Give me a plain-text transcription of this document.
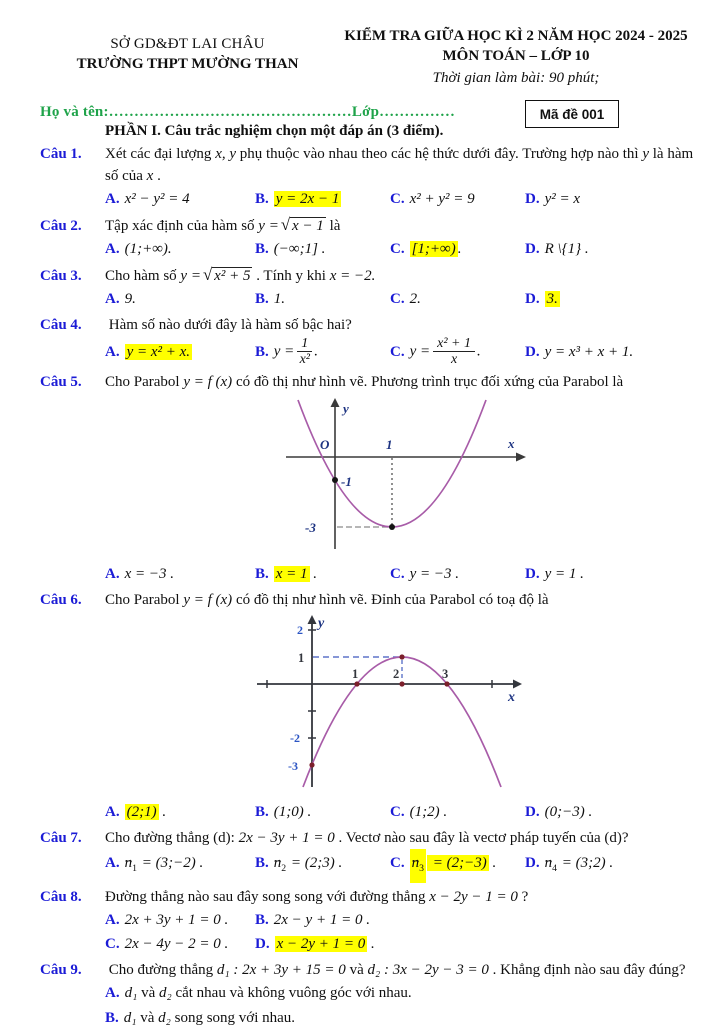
SỞ GD&ĐT LAI CHÂU
TRƯỜNG THPT MƯỜNG THAN
KIỂM TRA GIỮA HỌC KÌ 2 NĂM HỌC 2024 - 2025
MÔN TOÁN – LỚP 10
Thời gian làm bài: 90 phút;
Mã đề 001
Họ và tên:…………………………………………Lớp……………
PHẦN I. Câu trắc nghiệm chọn một đáp án (3 điểm).
Câu 1. Xét các đại lượng x, y phụ thuộc vào nhau theo các hệ thức dưới đây. Trường hợp nào thì y là hàm số của x .
A. x² − y² = 4	B. y = 2x − 1	C. x² + y² = 9	D. y² = x
Câu 2. Tập xác định của hàm số y = √ x − 1 là
A. (1;+∞).	B. (−∞;1] .	C. [1;+∞) .	D. R \{1} .
Câu 3. Cho hàm số y = √ x² + 5 . Tính y khi x = −2.
A. 9.	B. 1.	C. 2.	D. 3.
Câu 4. Hàm số nào dưới đây là hàm số bậc hai?
A. y = x² + x.	B. $y = \frac{1}{\text{x²}}$ .	C. $y = \frac{\text{x² + 1}}{x}$ .	D. y = x³ + x + 1.
Câu 5. Cho Parabol y = f (x) có đồ thị như hình vẽ. Phương trình trục đối xứng của Parabol là
O	1	x
y
-1
-3
A. x = −3 .	B. x = 1 .	C. y = −3 .	D. y = 1 .
Câu 6. Cho Parabol y = f (x) có đồ thị như hình vẽ. Đỉnh của Parabol có toạ độ là
y
x
2
1
-2
-3
1	2	3
A. (2;1) .	B. (1;0) .	C. (1;2) .	D. (0;−3) .
Câu 7. Cho đường thẳng (d): 2x − 3y + 1 = 0 . Vectơ nào sau đây là vectơ pháp tuyến của (d)?
A. → $n_1$ = (3;−2) .	B. → $n_2$ = (2;3) .	C. → $n_3$ = (2;−3) .	D. → $n_4$ = (3;2) .
Câu 8. Đường thẳng nào sau đây song song với đường thẳng x − 2y − 1 = 0 ?
A. 2x + 3y + 1 = 0 .	B. 2x − y + 1 = 0 .
C. 2x − 4y − 2 = 0 .	D. x − 2y + 1 = 0 .
Câu 9. Cho đường thẳng d₁ : 2x + 3y + 15 = 0 và d₂ : 3x − 2y − 3 = 0 . Khẳng định nào sau đây đúng?
A. d₁ và d₂ cắt nhau và không vuông góc với nhau.
B. d₁ và d₂ song song với nhau.
